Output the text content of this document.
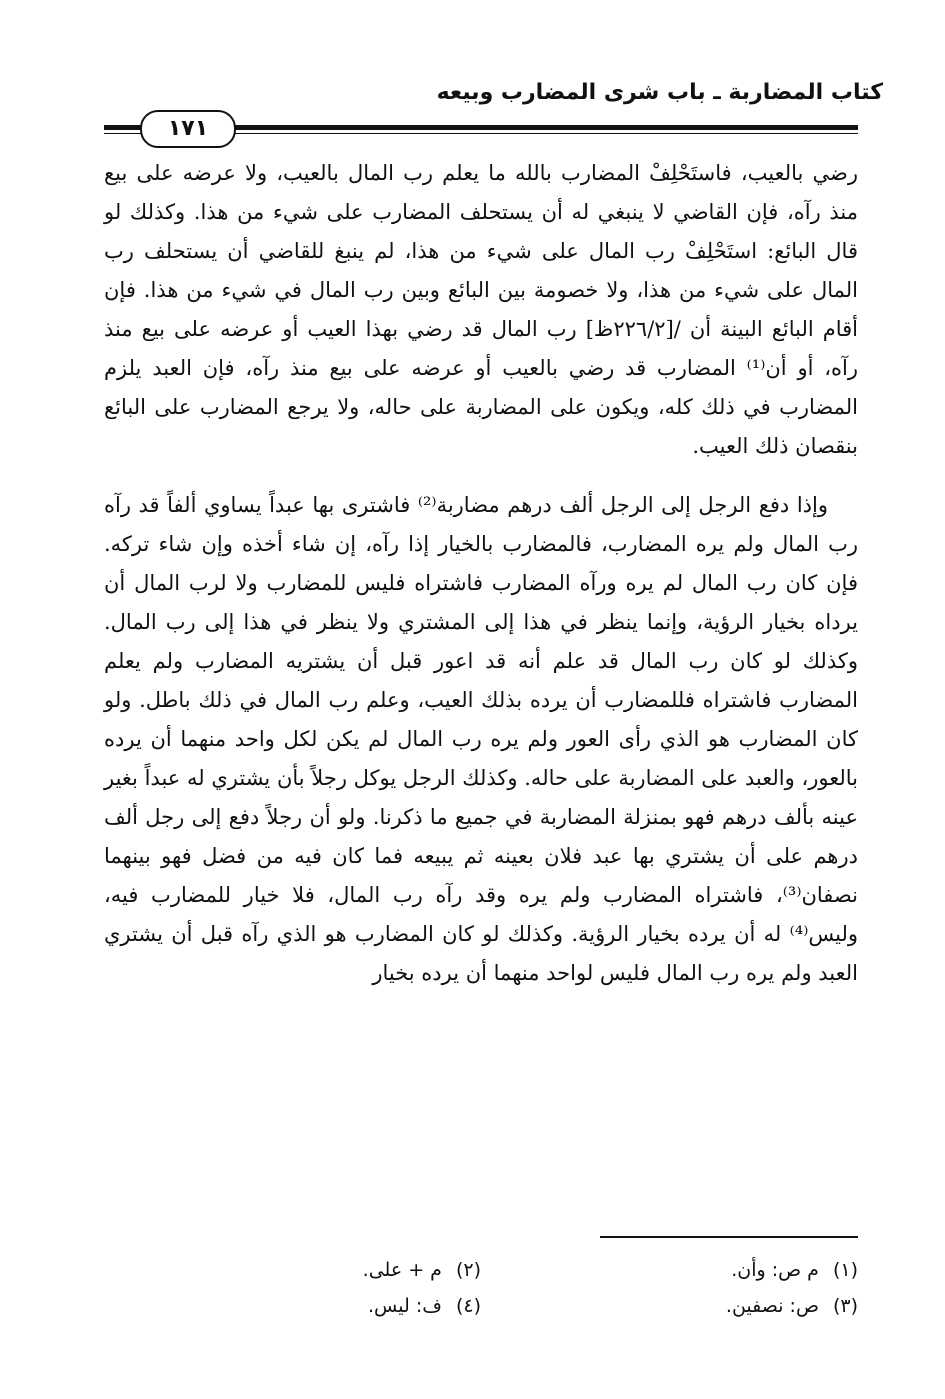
كتاب المضاربة ـ باب شرى المضارب وبيعه
١٧١

رضي بالعيب، فاستَحْلِفْ المضارب بالله ما يعلم رب المال بالعيب، ولا عرضه على بيع منذ رآه، فإن القاضي لا ينبغي له أن يستحلف المضارب على شيء من هذا. وكذلك لو قال البائع: استَحْلِفْ رب المال على شيء من هذا، لم ينبغ للقاضي أن يستحلف رب المال على شيء من هذا، ولا خصومة بين البائع وبين رب المال في شيء من هذا. فإن أقام البائع البينة أن /[٢٢٦/٢ظ] رب المال قد رضي بهذا العيب أو عرضه على بيع منذ رآه، أو أن⁽¹⁾ المضارب قد رضي بالعيب أو عرضه على بيع منذ رآه، فإن العبد يلزم المضارب في ذلك كله، ويكون على المضاربة على حاله، ولا يرجع المضارب على البائع بنقصان ذلك العيب.

وإذا دفع الرجل إلى الرجل ألف درهم مضاربة⁽²⁾ فاشترى بها عبداً يساوي ألفاً قد رآه رب المال ولم يره المضارب، فالمضارب بالخيار إذا رآه، إن شاء أخذه وإن شاء تركه. فإن كان رب المال لم يره ورآه المضارب فاشتراه فليس للمضارب ولا لرب المال أن يرداه بخيار الرؤية، وإنما ينظر في هذا إلى المشتري ولا ينظر في هذا إلى رب المال. وكذلك لو كان رب المال قد علم أنه قد اعور قبل أن يشتريه المضارب ولم يعلم المضارب فاشتراه فللمضارب أن يرده بذلك العيب، وعلم رب المال في ذلك باطل. ولو كان المضارب هو الذي رأى العور ولم يره رب المال لم يكن لكل واحد منهما أن يرده بالعور، والعبد على المضاربة على حاله. وكذلك الرجل يوكل رجلاً بأن يشتري له عبداً بغير عينه بألف درهم فهو بمنزلة المضاربة في جميع ما ذكرنا. ولو أن رجلاً دفع إلى رجل ألف درهم على أن يشتري بها عبد فلان بعينه ثم يبيعه فما كان فيه من فضل فهو بينهما نصفان⁽³⁾، فاشتراه المضارب ولم يره وقد رآه رب المال، فلا خيار للمضارب فيه، وليس⁽⁴⁾ له أن يرده بخيار الرؤية. وكذلك لو كان المضارب هو الذي رآه قبل أن يشتري العبد ولم يره رب المال فليس لواحد منهما أن يرده بخيار

(١)م ص: وأن.
(٢)م + على.
(٣)ص: نصفين.
(٤)ف: ليس.
